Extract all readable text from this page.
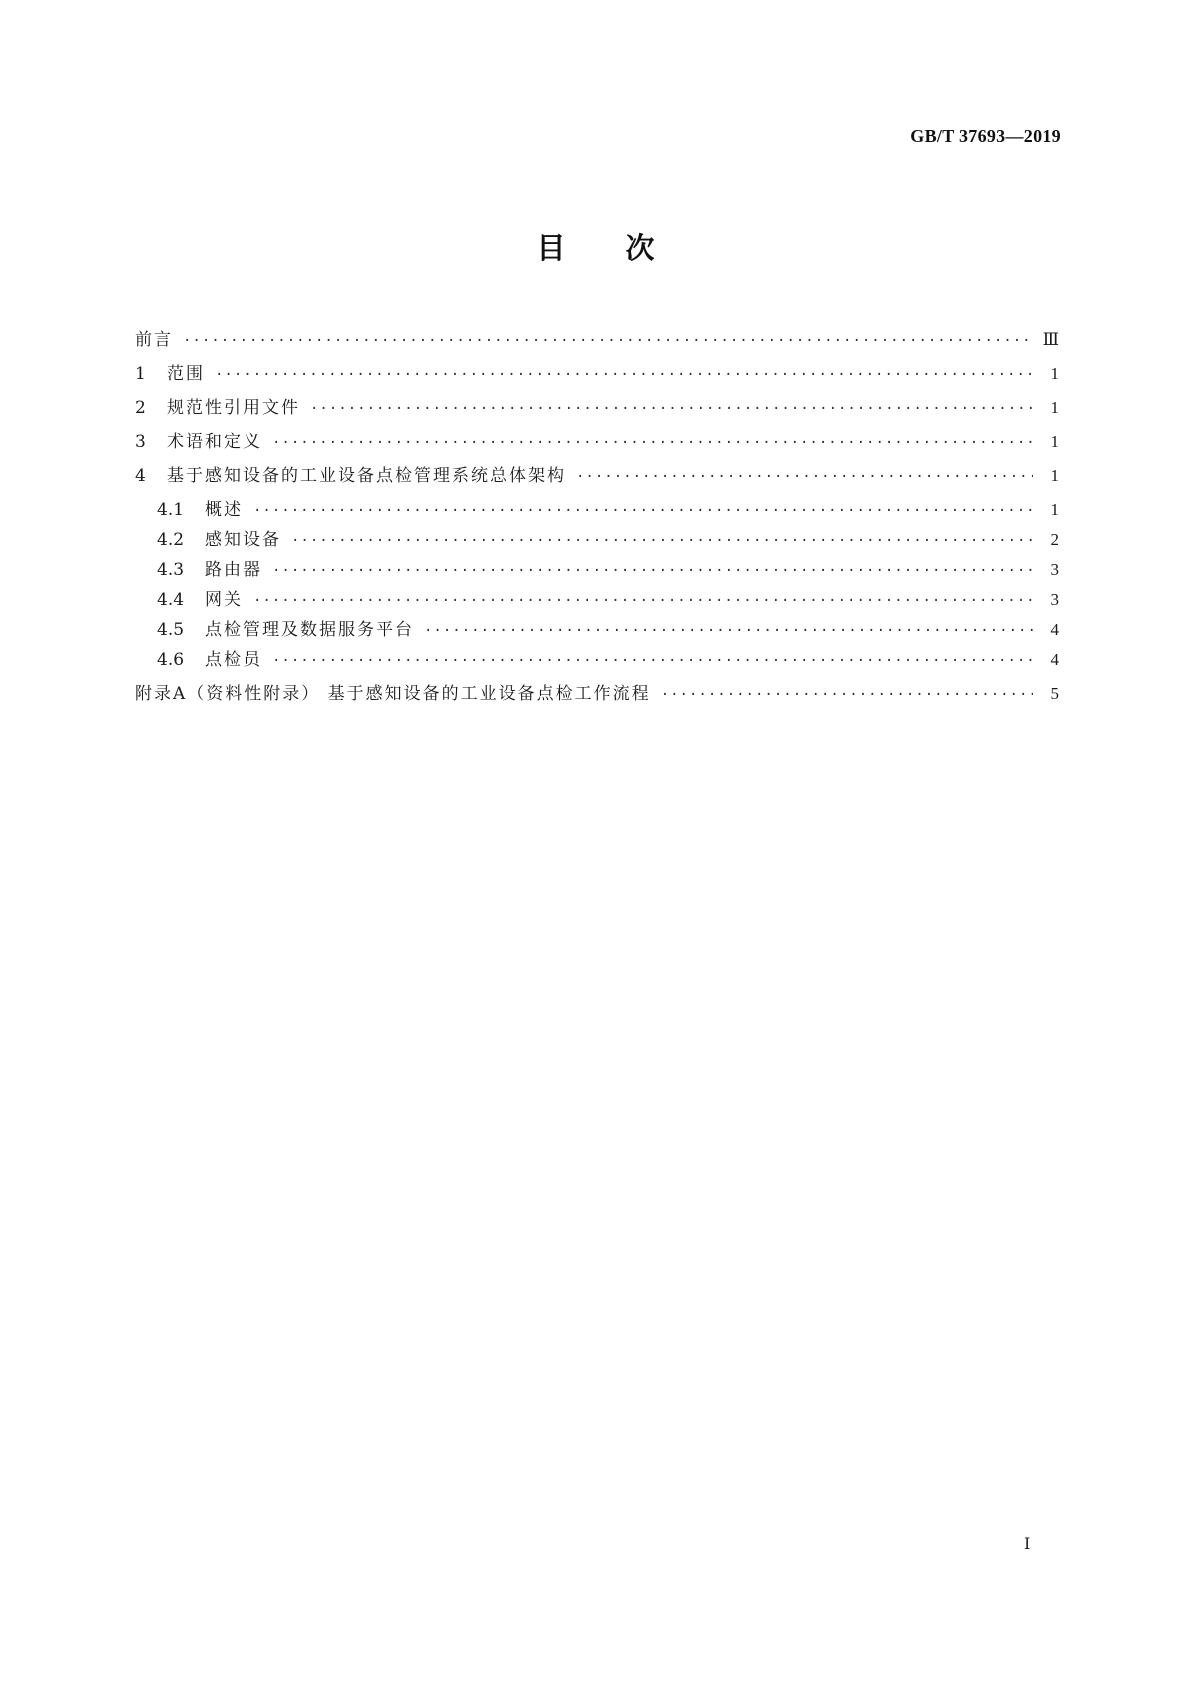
GB/T 37693—2019
目次
前言 ·····	Ⅲ
1	范围 ·····	1
2	规范性引用文件 ·····	1
3	术语和定义 ·····	1
4	基于感知设备的工业设备点检管理系统总体架构 ·····	1
4.1	概述 ·····	1
4.2	感知设备 ·····	2
4.3	路由器 ·····	3
4.4	网关 ·····	3
4.5	点检管理及数据服务平台 ·····	4
4.6	点检员 ·····	4
附录A（资料性附录） 基于感知设备的工业设备点检工作流程 ·····	5
Ⅰ
